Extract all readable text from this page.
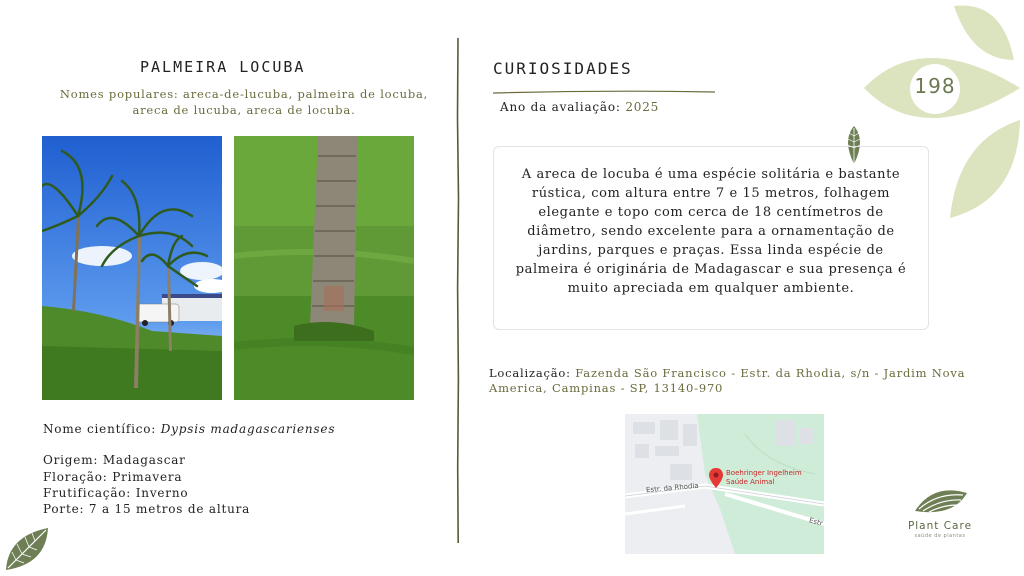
PALMEIRA LOCUBA
Nomes populares: areca-de-lucuba, palmeira de locuba, areca de lucuba, areca de locuba.
Nome científico: Dypsis madagascarienses
Origem: Madagascar
Floração: Primavera
Frutificação: Inverno
Porte: 7 a 15 metros de altura
CURIOSIDADES
Ano da avaliação: 2025
A areca de locuba é uma espécie solitária e bastante rústica, com altura entre 7 e 15 metros, folhagem elegante e topo com cerca de 18 centímetros de diâmetro, sendo excelente para a ornamentação de jardins, parques e praças. Essa linda espécie de palmeira é originária de Madagascar e sua presença é muito apreciada em qualquer ambiente.
Localização: Fazenda São Francisco - Estr. da Rhodia, s/n - Jardim Nova America, Campinas - SP, 13140-970
Boehringer Ingelheim
Saúde Animal
Estr. da Rhodia
Estr
198
Plant Care
saúde de plantas
